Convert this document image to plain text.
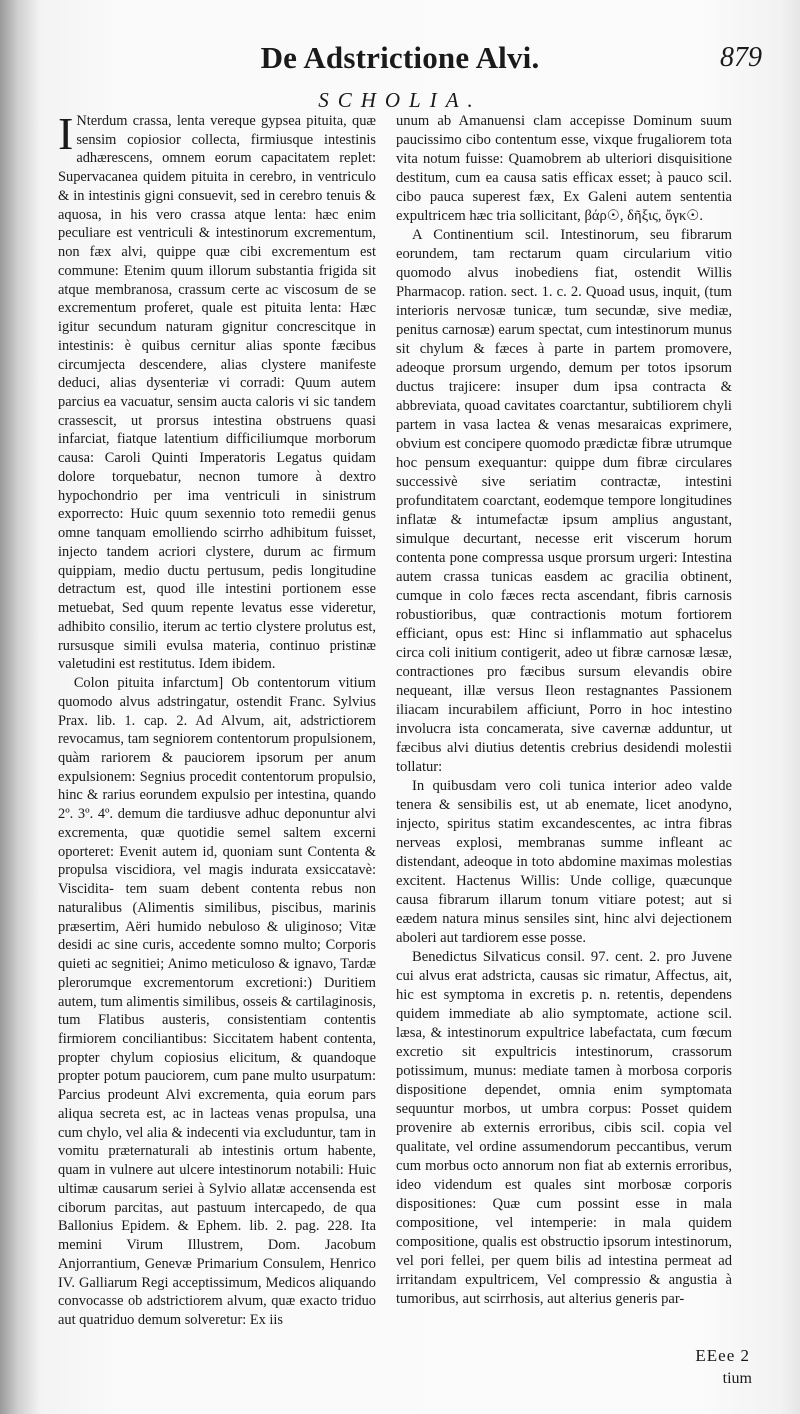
De Adstrictione Alvi.	879
SCHOLIA.

I Nterdum crassa, lenta vereque gypsea pituita, quæ sensim copiosior collecta, firmiusque intestinis adhærescens, omnem eorum capacitatem replet: Supervacanea quidem pituita in cerebro, in ventriculo & in intestinis gigni consuevit, sed in cerebro tenuis & aquosa, in his vero crassa atque lenta: hæc enim peculiare est ventriculi & intestinorum excrementum, non fæx alvi, quippe quæ cibi excrementum est commune: Etenim quum illorum substantia frigida sit atque membranosa, crassum certe ac viscosum de se excrementum proferet, quale est pituita lenta: Hæc igitur secundum naturam gignitur concrescitque in intestinis: è quibus cernitur alias sponte fæcibus circumjecta descendere, alias clystere manifeste deduci, alias dysenteriæ vi corradi: Quum autem parcius ea vacuatur, sensim aucta caloris vi sic tandem crassescit, ut prorsus intestina obstruens quasi infarciat, fiatque latentium difficiliumque morborum causa: Caroli Quinti Imperatoris Legatus quidam dolore torquebatur, necnon tumore à dextro hypochondrio per ima ventriculi in sinistrum exporrecto: Huic quum sexennio toto remedii genus omne tanquam emolliendo scirrho adhibitum fuisset, injecto tandem acriori clystere, durum ac firmum quippiam, medio ductu pertusum, pedis longitudine detractum est, quod ille intestini portionem esse metuebat, Sed quum repente levatus esse videretur, adhibito consilio, iterum ac tertio clystere prolutus est, rursusque simili evulsa materia, continuo pristinæ valetudini est restitutus. Idem ibidem.

Colon pituita infarctum] Ob contentorum vitium quomodo alvus adstringatur, ostendit Franc. Sylvius Prax. lib. 1. cap. 2. Ad Alvum, ait, adstrictiorem revocamus, tam segniorem contentorum propulsionem, quàm rariorem & pauciorem ipsorum per anum expulsionem: Segnius procedit contentorum propulsio, hinc & rarius eorundem expulsio per intestina, quando 2º. 3º. 4º. demum die tardiusve adhuc deponuntur alvi excrementa, quæ quotidie semel saltem excerni oporteret: Evenit autem id, quoniam sunt Contenta & propulsa viscidiora, vel magis indurata exsiccatavè: Viscidita- tem suam debent contenta rebus non naturalibus (Alimentis similibus, piscibus, marinis præsertim, Aëri humido nebuloso & uliginoso; Vitæ desidi ac sine curis, accedente somno multo; Corporis quieti ac segnitiei; Animo meticuloso & ignavo, Tardæ plerorumque excrementorum excretioni:) Duritiem autem, tum alimentis similibus, osseis & cartilaginosis, tum Flatibus austeris, consistentiam contentis firmiorem conciliantibus: Siccitatem habent contenta, propter chylum copiosius elicitum, & quandoque propter potum pauciorem, cum pane multo usurpatum: Parcius prodeunt Alvi excrementa, quia eorum pars aliqua secreta est, ac in lacteas venas propulsa, una cum chylo, vel alia & indecenti via excluduntur, tam in vomitu præternaturali ab intestinis ortum habente, quam in vulnere aut ulcere intestinorum notabili: Huic ultimæ causarum seriei à Sylvio allatæ accensenda est ciborum parcitas, aut pastuum intercapedo, de qua Ballonius Epidem. & Ephem. lib. 2. pag. 228. Ita memini Virum Illustrem, Dom. Jacobum Anjorrantium, Genevæ Primarium Consulem, Henrico IV. Galliarum Regi acceptissimum, Medicos aliquando convocasse ob adstrictiorem alvum, quæ exacto triduo aut quatriduo demum solveretur: Ex iis

unum ab Amanuensi clam accepisse Dominum suum paucissimo cibo contentum esse, vixque frugaliorem tota vita notum fuisse: Quamobrem ab ulteriori disquisitione destitum, cum ea causa satis efficax esset; à pauco scil. cibo pauca superest fæx, Ex Galeni autem sententia expultricem hæc tria sollicitant, βάρ☉, δῆξις, ὄγκ☉.

A Continentium scil. Intestinorum, seu fibrarum eorundem, tam rectarum quam circularium vitio quomodo alvus inobediens fiat, ostendit Willis Pharmacop. ration. sect. 1. c. 2. Quoad usus, inquit, (tum interioris nervosæ tunicæ, tum secundæ, sive mediæ, penitus carnosæ) earum spectat, cum intestinorum munus sit chylum & fæces à parte in partem promovere, adeoque prorsum urgendo, demum per totos ipsorum ductus trajicere: insuper dum ipsa contracta & abbreviata, quoad cavitates coarctantur, subtiliorem chyli partem in vasa lactea & venas mesaraicas exprimere, obvium est concipere quomodo prædictæ fibræ utrumque hoc pensum exequantur: quippe dum fibræ circulares successivè sive seriatim contractæ, intestini profunditatem coarctant, eodemque tempore longitudines inflatæ & intumefactæ ipsum amplius angustant, simulque decurtant, necesse erit viscerum horum contenta pone compressa usque prorsum urgeri: Intestina autem crassa tunicas easdem ac gracilia obtinent, cumque in colo fæces recta ascendant, fibris carnosis robustioribus, quæ contractionis motum fortiorem efficiant, opus est: Hinc si inflammatio aut sphacelus circa coli initium contigerit, adeo ut fibræ carnosæ læsæ, contractiones pro fæcibus sursum elevandis obire nequeant, illæ versus Ileon restagnantes Passionem iliacam incurabilem afficiunt, Porro in hoc intestino involucra ista concamerata, sive cavernæ adduntur, ut fæcibus alvi diutius detentis crebrius desidendi molestii tollatur:

In quibusdam vero coli tunica interior adeo valde tenera & sensibilis est, ut ab enemate, licet anodyno, injecto, spiritus statim excandescentes, ac intra fibras nerveas explosi, membranas summe infleant ac distendant, adeoque in toto abdomine maximas molestias excitent. Hactenus Willis: Unde collige, quæcunque causa fibrarum illarum tonum vitiare potest; aut si eædem natura minus sensiles sint, hinc alvi dejectionem aboleri aut tardiorem esse posse.

Benedictus Silvaticus consil. 97. cent. 2. pro Juvene cui alvus erat adstricta, causas sic rimatur, Affectus, ait, hic est symptoma in excretis p. n. retentis, dependens quidem immediate ab alio symptomate, actione scil. læsa, & intestinorum expultrice labefactata, cum fœcum excretio sit expultricis intestinorum, crassorum potissimum, munus: mediate tamen à morbosa corporis dispositione dependet, omnia enim symptomata sequuntur morbos, ut umbra corpus: Posset quidem provenire ab externis erroribus, cibis scil. copia vel qualitate, vel ordine assumendorum peccantibus, verum cum morbus octo annorum non fiat ab externis erroribus, ideo videndum est quales sint morbosæ corporis dispositiones: Quæ cum possint esse in mala compositione, vel intemperie: in mala quidem compositione, qualis est obstructio ipsorum intestinorum, vel pori fellei, per quem bilis ad intestina permeat ad irritandam expultricem, Vel compressio & angustia à tumoribus, aut scirrhosis, aut alterius generis par-

EEee 2
tium
